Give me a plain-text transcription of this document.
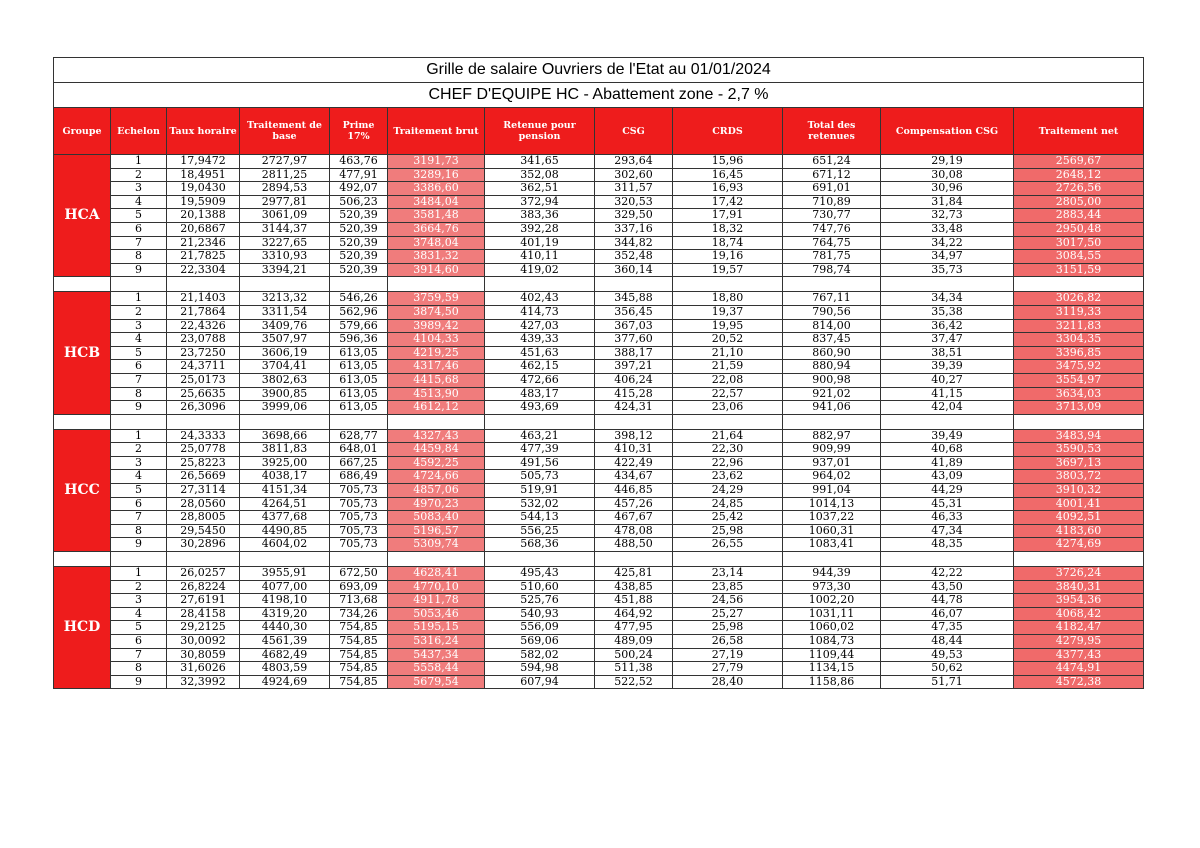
Grille de salaire Ouvriers de l'Etat au 01/01/2024											
CHEF D'EQUIPE HC - Abattement zone - 2,7 %											
Groupe	Echelon	Taux horaire	Traitement de base	Prime 17%	Traitement brut	Retenue pour pension	CSG	CRDS	Total des retenues	Compensation CSG	Traitement net
HCA	1	17,9472	2727,97	463,76	3191,73	341,65	293,64	15,96	651,24	29,19	2569,67
	2	18,4951	2811,25	477,91	3289,16	352,08	302,60	16,45	671,12	30,08	2648,12
	3	19,0430	2894,53	492,07	3386,60	362,51	311,57	16,93	691,01	30,96	2726,56
	4	19,5909	2977,81	506,23	3484,04	372,94	320,53	17,42	710,89	31,84	2805,00
	5	20,1388	3061,09	520,39	3581,48	383,36	329,50	17,91	730,77	32,73	2883,44
	6	20,6867	3144,37	520,39	3664,76	392,28	337,16	18,32	747,76	33,48	2950,48
	7	21,2346	3227,65	520,39	3748,04	401,19	344,82	18,74	764,75	34,22	3017,50
	8	21,7825	3310,93	520,39	3831,32	410,11	352,48	19,16	781,75	34,97	3084,55
	9	22,3304	3394,21	520,39	3914,60	419,02	360,14	19,57	798,74	35,73	3151,59

HCB	1	21,1403	3213,32	546,26	3759,59	402,43	345,88	18,80	767,11	34,34	3026,82
	2	21,7864	3311,54	562,96	3874,50	414,73	356,45	19,37	790,56	35,38	3119,33
	3	22,4326	3409,76	579,66	3989,42	427,03	367,03	19,95	814,00	36,42	3211,83
	4	23,0788	3507,97	596,36	4104,33	439,33	377,60	20,52	837,45	37,47	3304,35
	5	23,7250	3606,19	613,05	4219,25	451,63	388,17	21,10	860,90	38,51	3396,85
	6	24,3711	3704,41	613,05	4317,46	462,15	397,21	21,59	880,94	39,39	3475,92
	7	25,0173	3802,63	613,05	4415,68	472,66	406,24	22,08	900,98	40,27	3554,97
	8	25,6635	3900,85	613,05	4513,90	483,17	415,28	22,57	921,02	41,15	3634,03
	9	26,3096	3999,06	613,05	4612,12	493,69	424,31	23,06	941,06	42,04	3713,09

HCC	1	24,3333	3698,66	628,77	4327,43	463,21	398,12	21,64	882,97	39,49	3483,94
	2	25,0778	3811,83	648,01	4459,84	477,39	410,31	22,30	909,99	40,68	3590,53
	3	25,8223	3925,00	667,25	4592,25	491,56	422,49	22,96	937,01	41,89	3697,13
	4	26,5669	4038,17	686,49	4724,66	505,73	434,67	23,62	964,02	43,09	3803,72
	5	27,3114	4151,34	705,73	4857,06	519,91	446,85	24,29	991,04	44,29	3910,32
	6	28,0560	4264,51	705,73	4970,23	532,02	457,26	24,85	1014,13	45,31	4001,41
	7	28,8005	4377,68	705,73	5083,40	544,13	467,67	25,42	1037,22	46,33	4092,51
	8	29,5450	4490,85	705,73	5196,57	556,25	478,08	25,98	1060,31	47,34	4183,60
	9	30,2896	4604,02	705,73	5309,74	568,36	488,50	26,55	1083,41	48,35	4274,69

HCD	1	26,0257	3955,91	672,50	4628,41	495,43	425,81	23,14	944,39	42,22	3726,24
	2	26,8224	4077,00	693,09	4770,10	510,60	438,85	23,85	973,30	43,50	3840,31
	3	27,6191	4198,10	713,68	4911,78	525,76	451,88	24,56	1002,20	44,78	3954,36
	4	28,4158	4319,20	734,26	5053,46	540,93	464,92	25,27	1031,11	46,07	4068,42
	5	29,2125	4440,30	754,85	5195,15	556,09	477,95	25,98	1060,02	47,35	4182,47
	6	30,0092	4561,39	754,85	5316,24	569,06	489,09	26,58	1084,73	48,44	4279,95
	7	30,8059	4682,49	754,85	5437,34	582,02	500,24	27,19	1109,44	49,53	4377,43
	8	31,6026	4803,59	754,85	5558,44	594,98	511,38	27,79	1134,15	50,62	4474,91
	9	32,3992	4924,69	754,85	5679,54	607,94	522,52	28,40	1158,86	51,71	4572,38
